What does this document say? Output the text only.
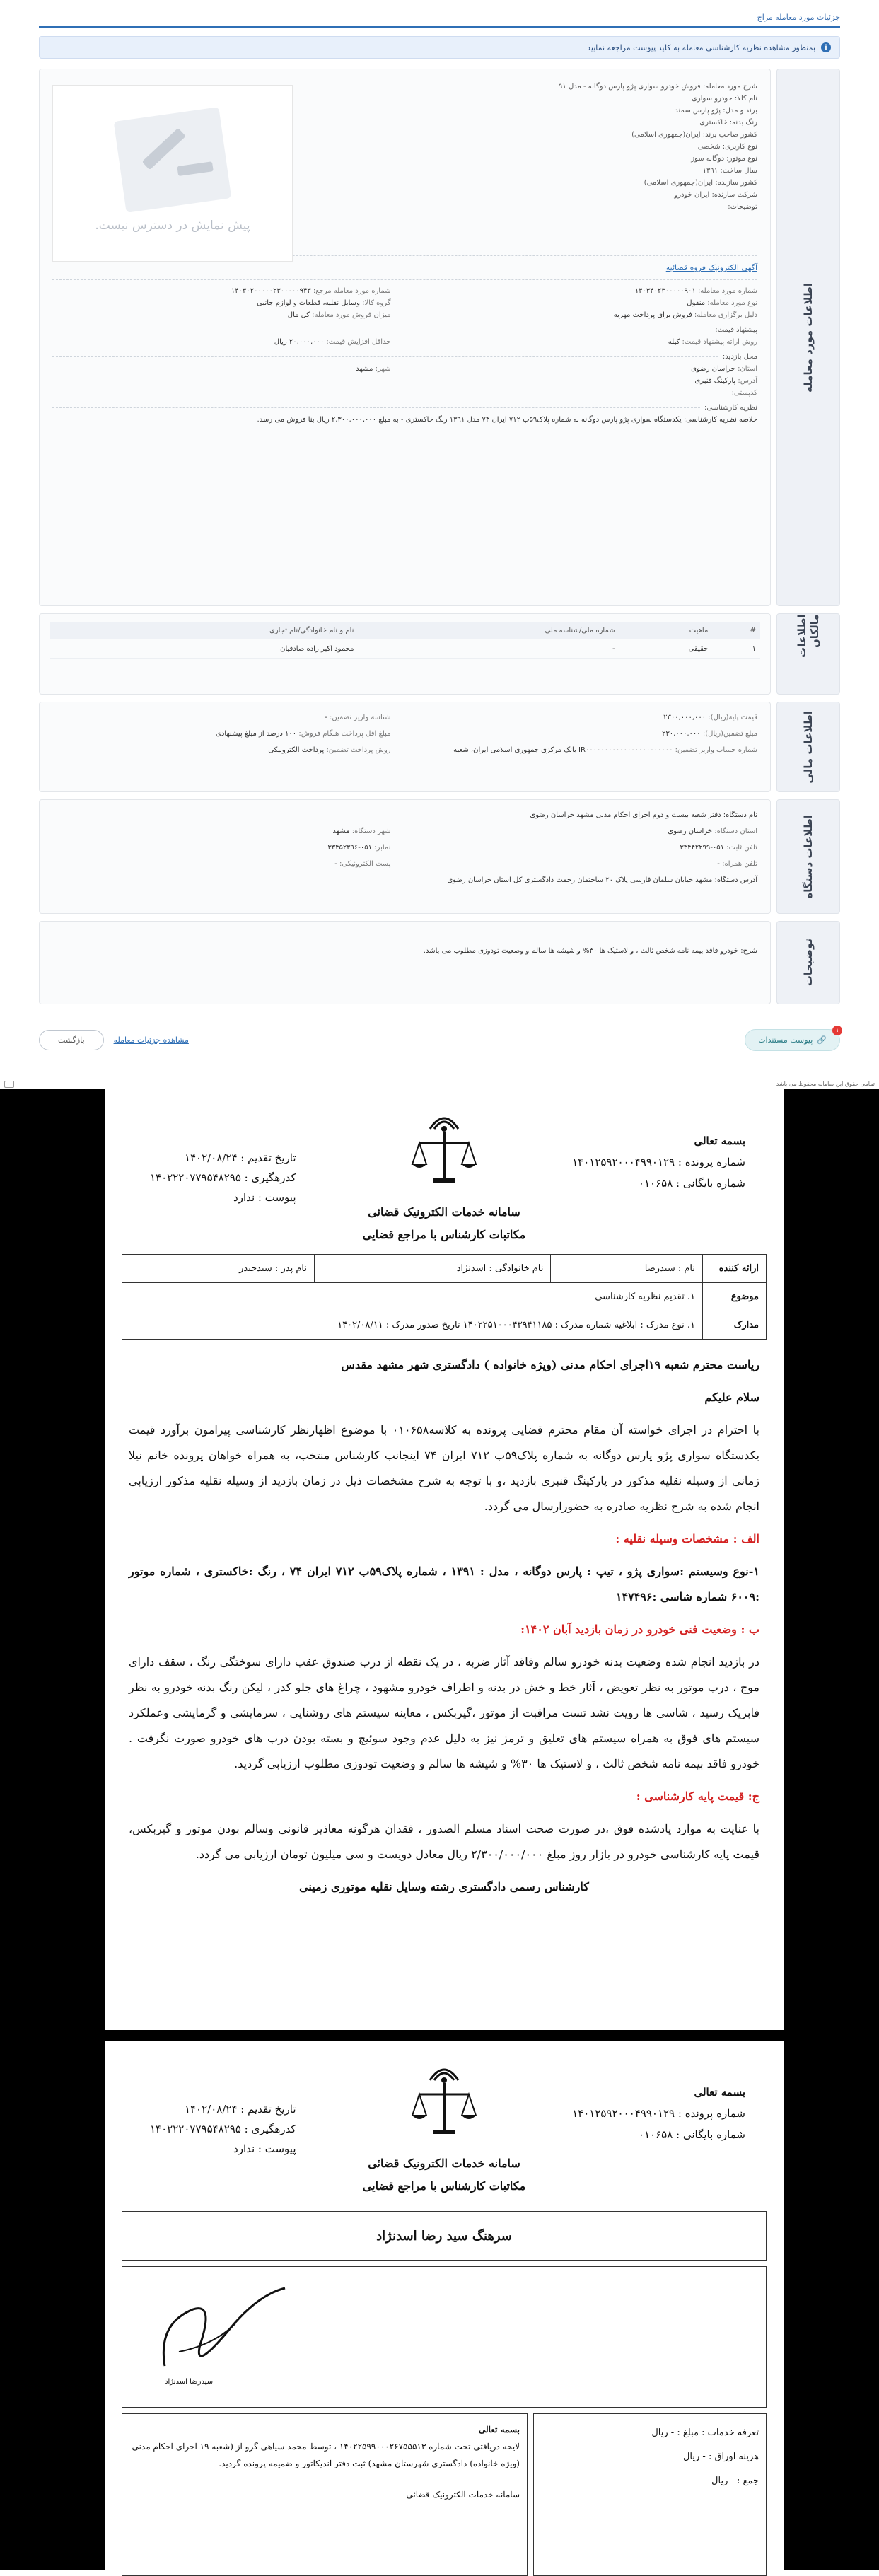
جزئیات مورد معامله مزاج
i
بمنظور مشاهده نظریه کارشناسی معامله به کلید پیوست مراجعه نمایید
اطلاعات مورد معامله
شرح مورد معامله: فروش خودرو سواری پژو پارس دوگانه - مدل ۹۱
نام کالا: خودرو سواری
برند و مدل: پژو پارس سمند
رنگ بدنه: خاکستری
کشور صاحب برند: ایران(جمهوری اسلامی)
نوع کاربری: شخصی
نوع موتور: دوگانه سوز
سال ساخت: ۱۳۹۱
کشور سازنده: ایران(جمهوری اسلامی)
شرکت سازنده: ایران خودرو
توضیحات:
پیش نمایش در دسترس نیست.
آگهی الکترونیک فروه قضائیه
شماره مورد معامله: ۱۴۰۳۴۰۲۳۰۰۰۰۰۹۰۱
شماره مورد معامله مرجع: ۱۴۰۳۰۲۰۰۰۰۰۲۳۰۰۰۰۰۹۴۳
نوع مورد معامله: منقول
گروه کالا: وسایل نقلیه، قطعات و لوازم جانبی
دلیل برگزاری معامله: فروش برای پرداخت مهریه
میزان فروش مورد معامله: کل مال
پیشنهاد قیمت:
روش ارائه پیشنهاد قیمت: کیله
حداقل افزایش قیمت: ۲۰,۰۰۰,۰۰۰ ریال
محل بازدید:
استان: خراسان رضوی
شهر: مشهد
آدرس: پارکینگ قنبری
کدپستی:
نظریه کارشناسی:
خلاصه نظریه کارشناسی: یکدستگاه سواری پژو پارس دوگانه به شماره پلاک۵۹ب ۷۱۲ ایران ۷۴ مدل ۱۳۹۱ رنگ خاکستری - به مبلغ ۲,۳۰۰,۰۰۰,۰۰۰ ریال بنا فروش می رسد.
اطلاعات مالکان
#	ماهیت	شماره ملی/شناسه ملی	نام و نام خانوادگی/نام تجاری
۱	حقیقی	-	محمود اکبر زاده صادقیان
اطلاعات مالی
قیمت پایه(ریال): ۲۳۰۰,۰۰۰,۰۰۰
شناسه واریز تضمین: -
مبلغ تضمین(ریال): ۲۳۰,۰۰۰,۰۰۰
مبلغ اقل پرداخت هنگام فروش: ۱۰۰ درصد از مبلغ پیشنهادی
شماره حساب واریز تضمین: IR۰۰۰۰۰۰۰۰۰۰۰۰۰۰۰۰۰۰۰۰۰۰۰ بانک مرکزی جمهوری اسلامی ایران، شعبه
روش پرداخت تضمین: پرداخت الکترونیکی
اطلاعات دستگاه
نام دستگاه: دفتر شعبه بیست و دوم اجرای احکام مدنی مشهد خراسان رضوی
استان دستگاه: خراسان رضوی
شهر دستگاه: مشهد
تلفن ثابت: ۰۵۱-۳۳۴۴۲۲۹۹
نمابر: ۰۵۱-۳۳۴۵۲۳۹۶
تلفن همراه: -
پست الکترونیکی: -
آدرس دستگاه: مشهد خیابان سلمان فارسی پلاک ۲۰ ساختمان رحمت دادگستری کل استان خراسان رضوی
توضیحات
شرح: خودرو فاقد بیمه نامه شخص ثالث ، و لاستیک ها ۳۰% و شیشه ها سالم و وضعیت تودوزی مطلوب می باشد.
۱
🔗
پیوست مستندات
مشاهده جزئیات معامله
بازگشت
تمامی حقوق این سامانه محفوظ می باشد
بسمه تعالی
شماره پرونده : ۱۴۰۱۲۵۹۲۰۰۰۴۹۹۰۱۲۹
شماره بایگانی : ۰۱۰۶۵۸
سامانه خدمات الکترونیک قضائی
مکاتبات کارشناس با مراجع قضایی
تاریخ تقدیم : ۱۴۰۲/۰۸/۲۴
کدرهگیری : ۱۴۰۲۲۲۰۷۷۹۵۴۸۲۹۵
پیوست : ندارد
ارائه کننده	نام : سیدرضا	نام خانوادگی : اسدنژاد	نام پدر : سیدحیدر
موضوع	۱. تقدیم نظریه کارشناسی		
مدارک	۱. نوع مدرک : ابلاغیه شماره مدرک : ۱۴۰۲۲۵۱۰۰۰۴۳۹۴۱۱۸۵ تاریخ صدور مدرک : ۱۴۰۲/۰۸/۱۱		

ریاست محترم شعبه ۱۹اجرای احکام مدنی (ویژه خانواده ) دادگستری شهر مشهد مقدس

سلام علیکم

با احترام در اجرای خواسته آن مقام محترم قضایی پرونده به کلاسه۰۱۰۶۵۸ با موضوع اظهارنظر کارشناسی پیرامون برآورد قیمت یکدستگاه سواری پژو پارس دوگانه به شماره پلاک۵۹ب ۷۱۲ ایران ۷۴ اینجانب کارشناس منتخب، به همراه خواهان پرونده خانم نیلا زمانی از وسیله نقلیه مذکور در پارکینگ قنبری بازدید ،و با توجه به شرح مشخصات ذیل در زمان بازدید از وسیله نقلیه مذکور ارزیابی انجام شده به شرح نظریه صادره به حضورارسال می گردد.

الف : مشخصات وسیله نقلیه :

۱-نوع وسیستم :سواری پژو ، تیپ : پارس دوگانه ، مدل : ۱۳۹۱ ، شماره پلاک۵۹ب ۷۱۲ ایران ۷۴ ، رنگ :خاکستری ، شماره موتور :۶۰۰۹ شماره شاسی :۱۴۷۴۹۶

ب : وضعیت فنی خودرو در زمان بازدید آبان ۱۴۰۲:

در بازدید انجام شده وضعیت بدنه خودرو سالم وفاقد آثار ضربه ، در یک نقطه از درب صندوق عقب دارای سوختگی رنگ ، سقف دارای موج ، درب موتور به نظر تعویض ، آثار خط و خش در بدنه و اطراف خودرو مشهود ، چراغ های جلو کدر ، لیکن رنگ بدنه خودرو به نظر فابریک رسید ، شاسی ها رویت نشد تست مراقبت از موتور ،گیربکس ، معاینه سیستم های روشنایی ، سرمایشی و گرمایشی وعملکرد سیستم های فوق به همراه سیستم های تعلیق و ترمز نیز به دلیل عدم وجود سوئیچ و بسته بودن درب های خودرو صورت نگرفت . خودرو فاقد بیمه نامه شخص ثالث ، و لاستیک ها ۳۰% و شیشه ها سالم و وضعیت تودوزی مطلوب ارزیابی گردید.

ج: قیمت پایه کارشناسی :

با عنایت به موارد یادشده فوق ،در صورت صحت اسناد مسلم الصدور ، فقدان هرگونه معاذیر قانونی وسالم بودن موتور و گیربکس، قیمت پایه کارشناسی خودرو در بازار روز مبلغ ۲/۳۰۰/۰۰۰/۰۰۰ ریال معادل دویست و سی میلیون تومان ارزیابی می گردد.

کارشناس رسمی دادگستری رشته وسایل نقلیه موتوری زمینی

بسمه تعالی
شماره پرونده : ۱۴۰۱۲۵۹۲۰۰۰۴۹۹۰۱۲۹
شماره بایگانی : ۰۱۰۶۵۸
سامانه خدمات الکترونیک قضائی
مکاتبات کارشناس با مراجع قضایی
تاریخ تقدیم : ۱۴۰۲/۰۸/۲۴
کدرهگیری : ۱۴۰۲۲۲۰۷۷۹۵۴۸۲۹۵
پیوست : ندارد
سرهنگ سید رضا اسدنژاد
سیدرضا اسدنژاد
تعرفه خدمات : مبلغ : - ریال
هزینه اوراق : - ریال
جمع : - ریال
بسمه تعالی
لایحه دریافتی تحت شماره ۱۴۰۲۲۵۹۹۰۰۰۲۶۷۵۵۵۱۳ ، توسط محمد سیاهی گرو از (شعبه ۱۹ اجرای احکام مدنی (ویژه خانواده) دادگستری شهرستان مشهد) ثبت دفتر اندیکاتور و ضمیمه پرونده گردید.
سامانه خدمات الکترونیک قضائی
